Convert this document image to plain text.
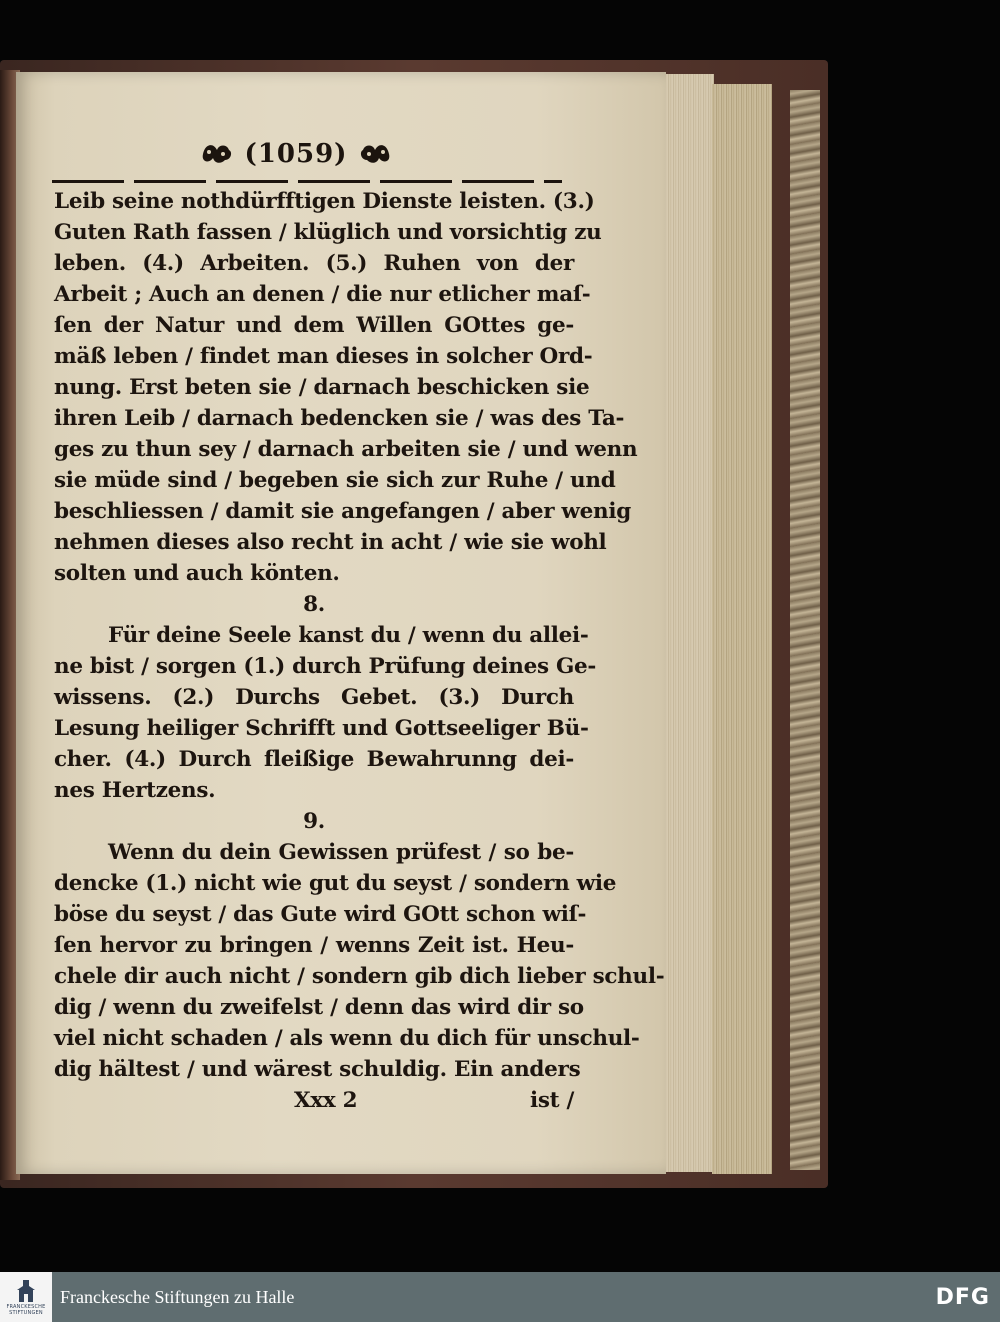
(1059)
Leib seine nothdürfftigen Dienste leisten. (3.)
Guten Rath fassen / klüglich und vorsichtig zu
leben. (4.) Arbeiten. (5.) Ruhen von der
Arbeit ; Auch an denen / die nur etlicher maſ-
ſen der Natur und dem Willen GOttes ge-
mäß leben / findet man dieses in solcher Ord-
nung. Erst beten sie / darnach beschicken sie
ihren Leib / darnach bedencken sie / was des Ta-
ges zu thun sey / darnach arbeiten sie / und wenn
sie müde sind / begeben sie sich zur Ruhe / und
beschliessen / damit sie angefangen / aber wenig
nehmen dieses also recht in acht / wie sie wohl
solten und auch könten.
8.
Für deine Seele kanst du / wenn du allei-
ne bist / sorgen (1.) durch Prüfung deines Ge-
wissens. (2.) Durchs Gebet. (3.) Durch
Lesung heiliger Schrifft und Gottseeliger Bü-
cher. (4.) Durch fleißige Bewahrunng dei-
nes Hertzens.
9.
Wenn du dein Gewissen prüfest / so be-
dencke (1.) nicht wie gut du seyst / sondern wie
böse du seyst / das Gute wird GOtt schon wiſ-
ſen hervor zu bringen / wenns Zeit ist. Heu-
chele dir auch nicht / sondern gib dich lieber schul-
dig / wenn du zweifelst / denn das wird dir so
viel nicht schaden / als wenn du dich für unschul-
dig hältest / und wärest schuldig. Ein anders
Xxx 2	ist /
FRANCKESCHE
STIFTUNGEN
Franckesche Stiftungen zu Halle	DFG
